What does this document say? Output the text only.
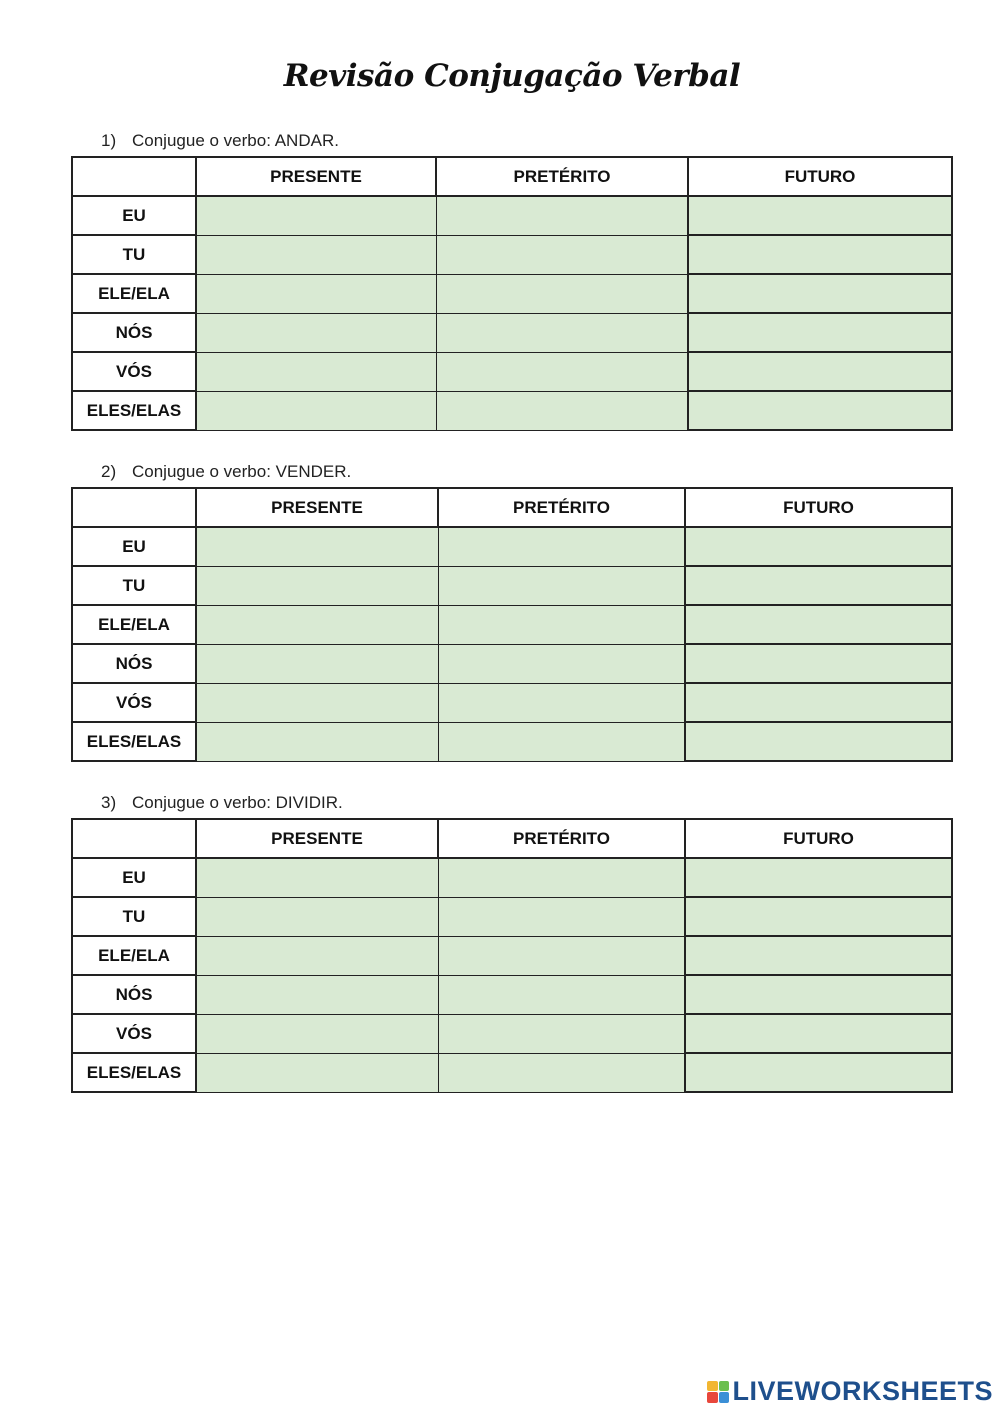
Revisão Conjugação Verbal
1) Conjugue o verbo: ANDAR.
	PRESENTE	PRETÉRITO	FUTURO
EU			
TU			
ELE/ELA			
NÓS			
VÓS			
ELES/ELAS			
2) Conjugue o verbo: VENDER.
	PRESENTE	PRETÉRITO	FUTURO
EU			
TU			
ELE/ELA			
NÓS			
VÓS			
ELES/ELAS			
3) Conjugue o verbo: DIVIDIR.
	PRESENTE	PRETÉRITO	FUTURO
EU			
TU			
ELE/ELA			
NÓS			
VÓS			
ELES/ELAS			
LIVEWORKSHEETS
